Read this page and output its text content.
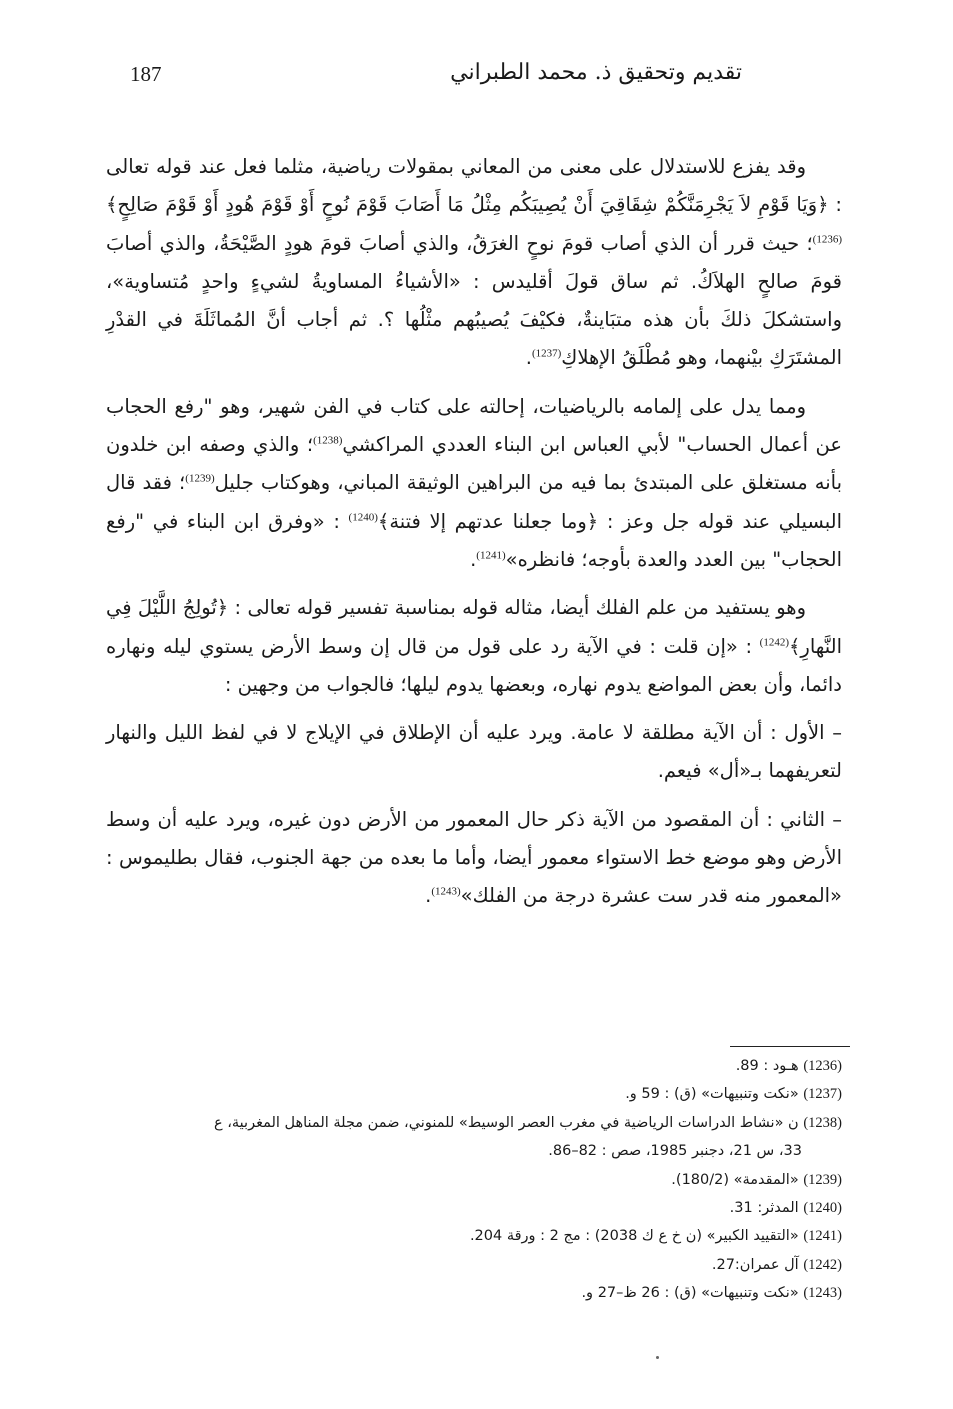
187	تقديم وتحقيق ذ. محمد الطبراني

وقد يفزع للاستدلال على معنى من المعاني بمقولات رياضية، مثلما فعل عند قوله تعالى : ﴿وَيَا قَوْمِ لاَ يَجْرِمَنَّكُمْ شِقَاقِيَ أَنْ يُصِيبَكُم مِثْلُ مَا أَصَابَ قَوْمَ نُوحٍ أَوْ قَوْمَ هُودٍ أَوْ قَوْمَ صَالِحٍ﴾$^{(1236)}$؛ حيث قرر أن الذي أصاب قومَ نوحٍ الغرَقُ، والذي أصابَ قومَ هودٍ الصَّيْحَةُ، والذي أصابَ قومَ صالحٍ الهلاَكُ. ثم ساق قولَ أقليدس : «الأشياءُ المساويةُ لشيءٍ واحدٍ مُتساوية»، واستشكلَ ذلكَ بأن هذه متبَاينةٌ، فكيْفَ يُصيبُهم مثْلُها ؟. ثم أجاب أنَّ المُماثَلَةَ في القدْرِ المشتَرَكِ بيْنهما، وهو مُطْلَقُ الإهلاكِ$^{(1237)}$.

ومما يدل على إلمامه بالرياضيات، إحالته على كتاب في الفن شهير، وهو "رفع الحجاب عن أعمال الحساب" لأبي العباس ابن البناء العددي المراكشي$^{(1238)}$؛ والذي وصفه ابن خلدون بأنه مستغلق على المبتدئ بما فيه من البراهين الوثيقة المباني، وهوكتاب جليل$^{(1239)}$؛ فقد قال البسيلي عند قوله جل وعز : ﴿وما جعلنا عدتهم إلا فتنة﴾$^{(1240)}$ : «وفرق ابن البناء في "رفع الحجاب" بين العدد والعدة بأوجه؛ فانظره»$^{(1241)}$.

وهو يستفيد من علم الفلك أيضا، مثاله قوله بمناسبة تفسير قوله تعالى : ﴿تُولِجُ اللَّيْلَ فِي النَّهارِ﴾$^{(1242)}$ : «إن قلت : في الآية رد على قول من قال إن وسط الأرض يستوي ليله ونهاره دائما، وأن بعض المواضع يدوم نهاره، وبعضها يدوم ليلها؛ فالجواب من وجهين :

– الأول : أن الآية مطلقة لا عامة. ويرد عليه أن الإطلاق في الإيلاج لا في لفظ الليل والنهار لتعريفهما بـ«أل» فيعم.

– الثاني : أن المقصود من الآية ذكر حال المعمور من الأرض دون غيره، ويرد عليه أن وسط الأرض وهو موضع خط الاستواء معمور أيضا، وأما ما بعده من جهة الجنوب، فقال بطليموس : «المعمور منه قدر ست عشرة درجة من الفلك»$^{(1243)}$.

(1236) هـود : 89.

(1237) «نكت وتنبيهات» (ق) : 59 و.

(1238) ن «نشاط الدراسات الرياضية في مغرب العصر الوسيط» للمنوني، ضمن مجلة المناهل المغربية، ع
33، س 21، دجنبر 1985، صص : 82–86.

(1239) «المقدمة» (180/2).

(1240) المدثر: 31.

(1241) «التقييد الكبير» (ن خ ع ك 2038) : مج 2 : ورقة 204.

(1242) آل عمران:27.

(1243) «نكت وتنبيهات» (ق) : 26 ظ–27 و.
